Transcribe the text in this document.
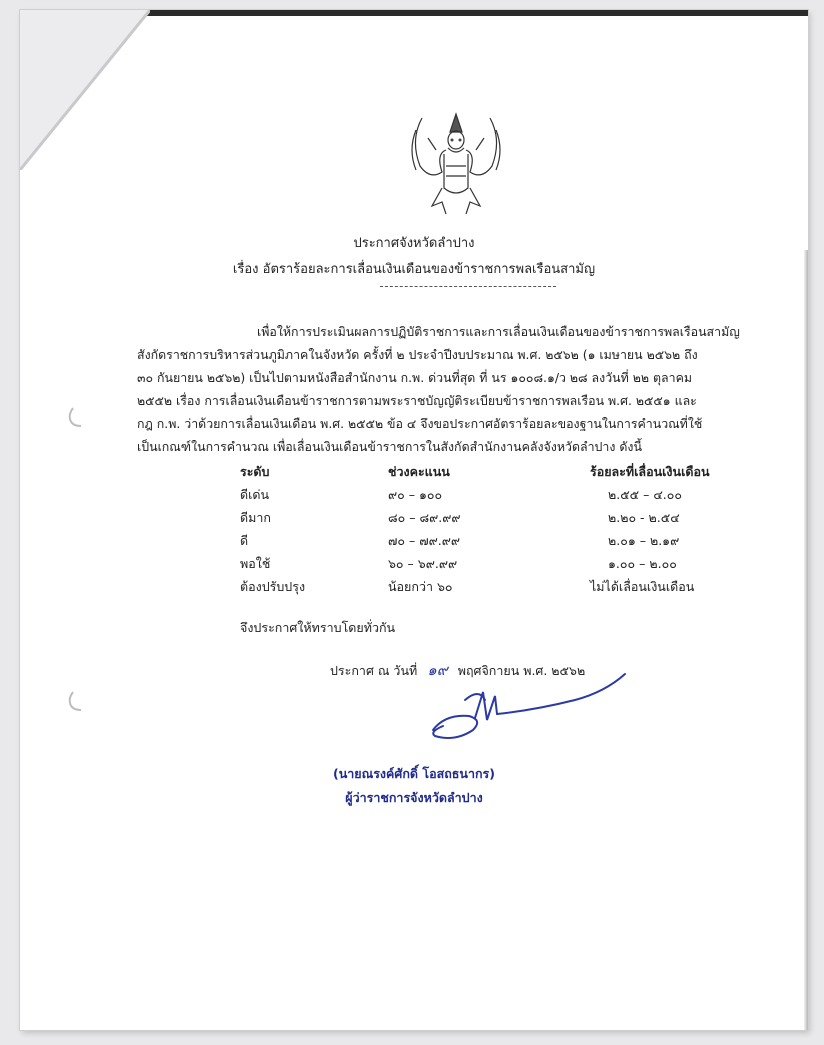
ประกาศจังหวัดลำปาง
เรื่อง อัตราร้อยละการเลื่อนเงินเดือนของข้าราชการพลเรือนสามัญ
เพื่อให้การประเมินผลการปฏิบัติราชการและการเลื่อนเงินเดือนของข้าราชการพลเรือนสามัญ
สังกัดราชการบริหารส่วนภูมิภาคในจังหวัด ครั้งที่ ๒ ประจำปีงบประมาณ พ.ศ. ๒๕๖๒ (๑ เมษายน ๒๕๖๒ ถึง
๓๐ กันยายน ๒๕๖๒) เป็นไปตามหนังสือสำนักงาน ก.พ. ด่วนที่สุด ที่ นร ๑๐๐๘.๑/ว ๒๘ ลงวันที่ ๒๒ ตุลาคม
๒๕๕๒ เรื่อง การเลื่อนเงินเดือนข้าราชการตามพระราชบัญญัติระเบียบข้าราชการพลเรือน พ.ศ. ๒๕๕๑ และ
กฎ ก.พ. ว่าด้วยการเลื่อนเงินเดือน พ.ศ. ๒๕๕๒ ข้อ ๔ จึงขอประกาศอัตราร้อยละของฐานในการคำนวณที่ใช้
เป็นเกณฑ์ในการคำนวณ เพื่อเลื่อนเงินเดือนข้าราชการในสังกัดสำนักงานคลังจังหวัดลำปาง ดังนี้
ระดับ	ช่วงคะแนน	ร้อยละที่เลื่อนเงินเดือน
ดีเด่น	๙๐ – ๑๐๐	๒.๕๕ – ๔.๐๐
ดีมาก	๘๐ – ๘๙.๙๙	๒.๒๐ - ๒.๕๔
ดี	๗๐ – ๗๙.๙๙	๒.๐๑ – ๒.๑๙
พอใช้	๖๐ – ๖๙.๙๙	๑.๐๐ – ๒.๐๐
ต้องปรับปรุง	น้อยกว่า ๖๐	ไม่ได้เลื่อนเงินเดือน
จึงประกาศให้ทราบโดยทั่วกัน
ประกาศ ณ วันที่ ๑๙ พฤศจิกายน พ.ศ. ๒๕๖๒
(นายณรงค์ศักดิ์ โอสถธนากร)
ผู้ว่าราชการจังหวัดลำปาง
